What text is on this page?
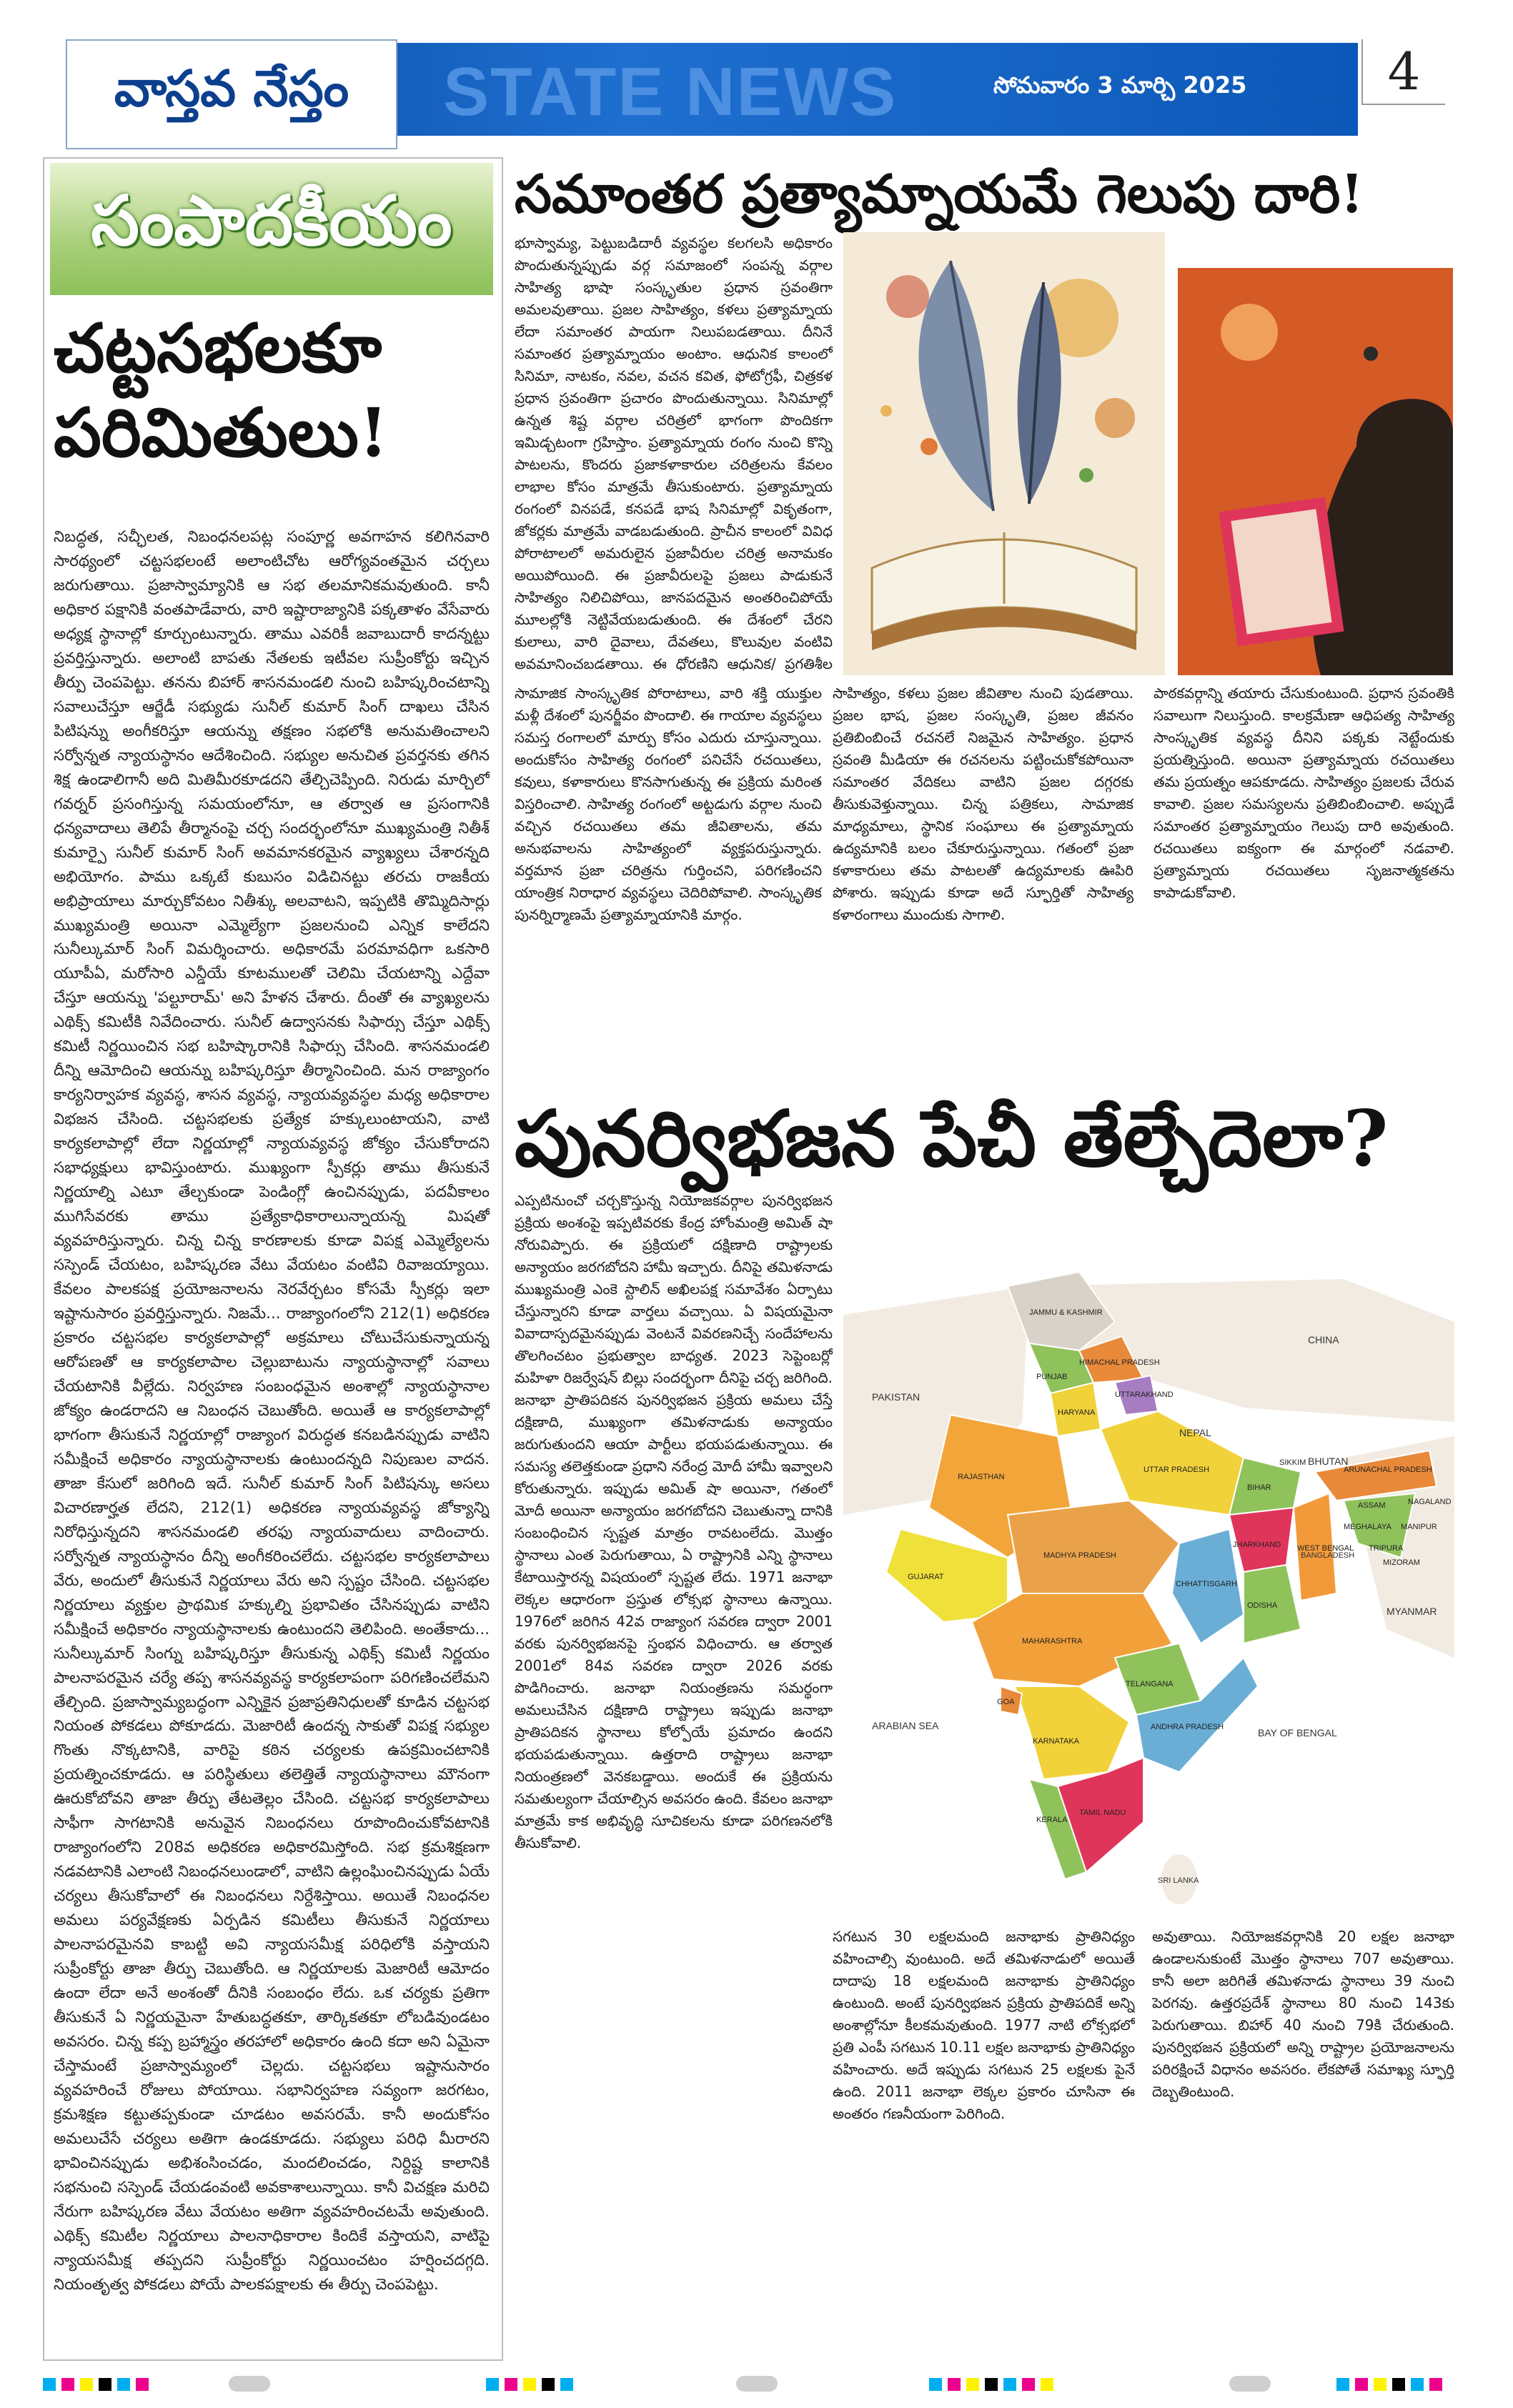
వాస్తవ నేస్తం STATE NEWS	సోమవారం 3 మార్చి 2025	4
సంపాదకీయం
చట్టసభలకూ
పరిమితులు!
నిబద్ధత, సచ్ఛీలత, నిబంధనలపట్ల సంపూర్ణ అవగాహన కలిగినవారి సారథ్యంలో చట్టసభలంటే అలాంటిచోట ఆరోగ్యవంతమైన చర్చలు జరుగుతాయి. ప్రజాస్వామ్యానికి ఆ సభ తలమానికమవుతుంది. కానీ అధికార పక్షానికి వంతపాడేవారు, వారి ఇష్టారాజ్యానికి పక్కతాళం వేసేవారు అధ్యక్ష స్థానాల్లో కూర్చుంటున్నారు. తాము ఎవరికీ జవాబుదారీ కాదన్నట్టు ప్రవర్తిస్తున్నారు. అలాంటి బాపతు నేతలకు ఇటీవల సుప్రీంకోర్టు ఇచ్చిన తీర్పు చెంపపెట్టు. తనను బిహార్ శాసనమండలి నుంచి బహిష్కరించటాన్ని సవాలుచేస్తూ ఆర్జేడీ సభ్యుడు సునీల్ కుమార్ సింగ్ దాఖలు చేసిన పిటిషన్ను అంగీకరిస్తూ ఆయన్ను తక్షణం సభలోకి అనుమతించాలని సర్వోన్నత న్యాయస్థానం ఆదేశించింది. సభ్యుల అనుచిత ప్రవర్తనకు తగిన శిక్ష ఉండాలిగానీ అది మితిమీరకూడదని తేల్చిచెప్పింది. నిరుడు మార్చిలో గవర్నర్ ప్రసంగిస్తున్న సమయంలోనూ, ఆ తర్వాత ఆ ప్రసంగానికి ధన్యవాదాలు తెలిపే తీర్మానంపై చర్చ సందర్భంలోనూ ముఖ్యమంత్రి నితీశ్ కుమార్పై సునీల్ కుమార్ సింగ్ అవమానకరమైన వ్యాఖ్యలు చేశారన్నది అభియోగం. పాము ఒక్కటే కుబుసం విడిచినట్టు తరచు రాజకీయ అభిప్రాయాలు మార్చుకోవటం నితీశ్కు అలవాటని, ఇప్పటికి తొమ్మిదిసార్లు ముఖ్యమంత్రి అయినా ఎమ్మెల్యేగా ప్రజలనుంచి ఎన్నిక కాలేదని సునీల్కుమార్ సింగ్ విమర్శించారు. అధికారమే పరమావధిగా ఒకసారి యూపీఏ, మరోసారి ఎన్డీయే కూటములతో చెలిమి చేయటాన్ని ఎద్దేవా చేస్తూ ఆయన్ను 'పల్టూరామ్' అని హేళన చేశారు. దీంతో ఈ వ్యాఖ్యలను ఎథిక్స్ కమిటీకి నివేదించారు. సునీల్ ఉద్వాసనకు సిఫార్సు చేస్తూ ఎథిక్స్ కమిటీ నిర్ణయించిన సభ బహిష్కారానికి సిఫార్సు చేసింది. శాసనమండలి దీన్ని ఆమోదించి ఆయన్ను బహిష్కరిస్తూ తీర్మానించింది. మన రాజ్యాంగం కార్యనిర్వాహక వ్యవస్థ, శాసన వ్యవస్థ, న్యాయవ్యవస్థల మధ్య అధికారాల విభజన చేసింది. చట్టసభలకు ప్రత్యేక హక్కులుంటాయని, వాటి కార్యకలాపాల్లో లేదా నిర్ణయాల్లో న్యాయవ్యవస్థ జోక్యం చేసుకోరాదని సభాధ్యక్షులు భావిస్తుంటారు. ముఖ్యంగా స్పీకర్లు తాము తీసుకునే నిర్ణయాల్ని ఎటూ తేల్చకుండా పెండింగ్లో ఉంచినప్పుడు, పదవీకాలం ముగిసేవరకు తాము ప్రత్యేకాధికారాలున్నాయన్న మిషతో వ్యవహరిస్తున్నారు. చిన్న చిన్న కారణాలకు కూడా విపక్ష ఎమ్మెల్యేలను సస్పెండ్ చేయటం, బహిష్కరణ వేటు వేయటం వంటివి రివాజయ్యాయి. కేవలం పాలకపక్ష ప్రయోజనాలను నెరవేర్చటం కోసమే స్పీకర్లు ఇలా ఇష్టానుసారం ప్రవర్తిస్తున్నారు. నిజమే... రాజ్యాంగంలోని 212(1) అధికరణ ప్రకారం చట్టసభల కార్యకలాపాల్లో అక్రమాలు చోటుచేసుకున్నాయన్న ఆరోపణతో ఆ కార్యకలాపాల చెల్లుబాటును న్యాయస్థానాల్లో సవాలు చేయటానికి వీల్లేదు. నిర్వహణ సంబంధమైన అంశాల్లో న్యాయస్థానాల జోక్యం ఉండరాదని ఆ నిబంధన చెబుతోంది. అయితే ఆ కార్యకలాపాల్లో భాగంగా తీసుకునే నిర్ణయాల్లో రాజ్యాంగ విరుద్ధత కనబడినప్పుడు వాటిని సమీక్షించే అధికారం న్యాయస్థానాలకు ఉంటుందన్నది నిపుణుల వాదన. తాజా కేసులో జరిగింది ఇదే. సునీల్ కుమార్ సింగ్ పిటిషన్కు అసలు విచారణార్హత లేదని, 212(1) అధికరణ న్యాయవ్యవస్థ జోక్యాన్ని నిరోధిస్తున్నదని శాసనమండలి తరఫు న్యాయవాదులు వాదించారు. సర్వోన్నత న్యాయస్థానం దీన్ని అంగీకరించలేదు. చట్టసభల కార్యకలాపాలు వేరు, అందులో తీసుకునే నిర్ణయాలు వేరు అని స్పష్టం చేసింది. చట్టసభల నిర్ణయాలు వ్యక్తుల ప్రాథమిక హక్కుల్ని ప్రభావితం చేసినప్పుడు వాటిని సమీక్షించే అధికారం న్యాయస్థానాలకు ఉంటుందని తెలిపింది. అంతేకాదు... సునీల్కుమార్ సింగ్ను బహిష్కరిస్తూ తీసుకున్న ఎథిక్స్ కమిటీ నిర్ణయం పాలనాపరమైన చర్యే తప్ప శాసనవ్యవస్థ కార్యకలాపంగా పరిగణించలేమని తేల్చింది. ప్రజాస్వామ్యబద్ధంగా ఎన్నికైన ప్రజాప్రతినిధులతో కూడిన చట్టసభ నియంత పోకడలు పోకూడదు. మెజారిటీ ఉందన్న సాకుతో విపక్ష సభ్యుల గొంతు నొక్కటానికి, వారిపై కఠిన చర్యలకు ఉపక్రమించటానికి ప్రయత్నించకూడదు. ఆ పరిస్థితులు తలెత్తితే న్యాయస్థానాలు మౌనంగా ఊరుకోబోవని తాజా తీర్పు తేటతెల్లం చేసింది. చట్టసభ కార్యకలాపాలు సాఫీగా సాగటానికి అనువైన నిబంధనలు రూపొందించుకోవటానికి రాజ్యాంగంలోని 208వ అధికరణ అధికారమిస్తోంది. సభ క్రమశిక్షణగా నడవటానికి ఎలాంటి నిబంధనలుండాలో, వాటిని ఉల్లంఘించినప్పుడు ఏయే చర్యలు తీసుకోవాలో ఈ నిబంధనలు నిర్దేశిస్తాయి. అయితే నిబంధనల అమలు పర్యవేక్షణకు ఏర్పడిన కమిటీలు తీసుకునే నిర్ణయాలు పాలనాపరమైనవి కాబట్టి అవి న్యాయసమీక్ష పరిధిలోకి వస్తాయని సుప్రీంకోర్టు తాజా తీర్పు చెబుతోంది. ఆ నిర్ణయాలకు మెజారిటీ ఆమోదం ఉందా లేదా అనే అంశంతో దీనికి సంబంధం లేదు. ఒక చర్యకు ప్రతిగా తీసుకునే ఏ నిర్ణయమైనా హేతుబద్ధతకూ, తార్కికతకూ లోబడివుండటం అవసరం. చిన్న కప్ప బ్రహ్మాస్త్రం తరహాలో అధికారం ఉంది కదా అని ఏమైనా చేస్తామంటే ప్రజాస్వామ్యంలో చెల్లదు. చట్టసభలు ఇష్టానుసారం వ్యవహరించే రోజులు పోయాయి. సభానిర్వహణ సవ్యంగా జరగటం, క్రమశిక్షణ కట్టుతప్పకుండా చూడటం అవసరమే. కానీ అందుకోసం అమలుచేసే చర్యలు అతిగా ఉండకూడదు. సభ్యులు పరిధి మీరారని భావించినప్పుడు అభిశంసించడం, మందలించడం, నిర్దిష్ట కాలానికి సభనుంచి సస్పెండ్ చేయడంవంటి అవకాశాలున్నాయి. కానీ విచక్షణ మరిచి నేరుగా బహిష్కరణ వేటు వేయటం అతిగా వ్యవహరించటమే అవుతుంది. ఎథిక్స్ కమిటీల నిర్ణయాలు పాలనాధికారాల కిందికే వస్తాయని, వాటిపై న్యాయసమీక్ష తప్పదని సుప్రీంకోర్టు నిర్ణయించటం హర్షించదగ్గది. నియంతృత్వ పోకడలు పోయే పాలకపక్షాలకు ఈ తీర్పు చెంపపెట్టు.
సమాంతర ప్రత్యామ్నాయమే గెలుపు దారి!
భూస్వామ్య, పెట్టుబడిదారీ వ్యవస్థల కలగలసి అధికారం పొందుతున్నప్పుడు వర్గ సమాజంలో సంపన్న వర్గాల సాహిత్య భాషా సంస్కృతుల ప్రధాన స్రవంతిగా అమలవుతాయి. ప్రజల సాహిత్యం, కళలు ప్రత్యామ్నాయ లేదా సమాంతర పాయగా నిలుపబడతాయి. దీనినే సమాంతర ప్రత్యామ్నాయం అంటాం. ఆధునిక కాలంలో సినిమా, నాటకం, నవల, వచన కవిత, ఫోటోగ్రఫీ, చిత్రకళ ప్రధాన స్రవంతిగా ప్రచారం పొందుతున్నాయి. సినిమాల్లో ఉన్నత శిష్ట వర్గాల చరిత్రలో భాగంగా పొందికగా ఇమిడ్చటంగా గ్రహిస్తాం. ప్రత్యామ్నాయ రంగం నుంచి కొన్ని పాటలను, కొందరు ప్రజాకళాకారుల చరిత్రలను కేవలం లాభాల కోసం మాత్రమే తీసుకుంటారు. ప్రత్యామ్నాయ రంగంలో వినపడే, కనపడే భాష సినిమాల్లో వికృతంగా, జోకర్లకు మాత్రమే వాడబడుతుంది. ప్రాచీన కాలంలో వివిధ పోరాటాలలో అమరులైన ప్రజావీరుల చరిత్ర అనామకం అయిపోయింది. ఈ ప్రజావీరులపై ప్రజలు పాడుకునే సాహిత్యం నిలిచిపోయి, జానపదమైన అంతరించిపోయే మూలల్లోకి నెట్టివేయబడుతుంది. ఈ దేశంలో చేరని కులాలు, వారి దైవాలు, దేవతలు, కొలువుల వంటివి అవమానించబడతాయి. ఈ ధోరణిని ఆధునిక/ ప్రగతిశీల
సామాజిక సాంస్కృతిక పోరాటాలు, వారి శక్తి యుక్తుల మళ్లీ దేశంలో పునర్జీవం పొందాలి. ఈ గాయాల వ్యవస్థలు సమస్త రంగాలలో మార్పు కోసం ఎదురు చూస్తున్నాయి. అందుకోసం సాహిత్య రంగంలో పనిచేసే రచయితలు, కవులు, కళాకారులు కొనసాగుతున్న ఈ ప్రక్రియ మరింత విస్తరించాలి. సాహిత్య రంగంలో అట్టడుగు వర్గాల నుంచి వచ్చిన రచయితలు తమ జీవితాలను, తమ అనుభవాలను సాహిత్యంలో వ్యక్తపరుస్తున్నారు. వర్తమాన ప్రజా చరిత్రను గుర్తించని, పరిగణించని యాంత్రిక నిరాధార వ్యవస్థలు చెదిరిపోవాలి. సాంస్కృతిక పునర్నిర్మాణమే ప్రత్యామ్నాయానికి మార్గం.
సాహిత్యం, కళలు ప్రజల జీవితాల నుంచి పుడతాయి. ప్రజల భాష, ప్రజల సంస్కృతి, ప్రజల జీవనం ప్రతిబింబించే రచనలే నిజమైన సాహిత్యం. ప్రధాన స్రవంతి మీడియా ఈ రచనలను పట్టించుకోకపోయినా సమాంతర వేదికలు వాటిని ప్రజల దగ్గరకు తీసుకువెళ్తున్నాయి. చిన్న పత్రికలు, సామాజిక మాధ్యమాలు, స్థానిక సంఘాలు ఈ ప్రత్యామ్నాయ ఉద్యమానికి బలం చేకూరుస్తున్నాయి. గతంలో ప్రజా కళాకారులు తమ పాటలతో ఉద్యమాలకు ఊపిరి పోశారు. ఇప్పుడు కూడా అదే స్ఫూర్తితో సాహిత్య కళారంగాలు ముందుకు సాగాలి.
పాఠకవర్గాన్ని తయారు చేసుకుంటుంది. ప్రధాన స్రవంతికి సవాలుగా నిలుస్తుంది. కాలక్రమేణా ఆధిపత్య సాహిత్య సాంస్కృతిక వ్యవస్థ దీనిని పక్కకు నెట్టేందుకు ప్రయత్నిస్తుంది. అయినా ప్రత్యామ్నాయ రచయితలు తమ ప్రయత్నం ఆపకూడదు. సాహిత్యం ప్రజలకు చేరువ కావాలి. ప్రజల సమస్యలను ప్రతిబింబించాలి. అప్పుడే సమాంతర ప్రత్యామ్నాయం గెలుపు దారి అవుతుంది. రచయితలు ఐక్యంగా ఈ మార్గంలో నడవాలి. ప్రత్యామ్నాయ రచయితలు సృజనాత్మకతను కాపాడుకోవాలి.
పునర్విభజన పేచీ తేల్చేదెలా?
ఎప్పటినుంచో చర్చకొస్తున్న నియోజకవర్గాల పునర్విభజన ప్రక్రియ అంశంపై ఇప్పటివరకు కేంద్ర హోంమంత్రి అమిత్ షా నోరువిప్పారు. ఈ ప్రక్రియలో దక్షిణాది రాష్ట్రాలకు అన్యాయం జరగబోదని హామీ ఇచ్చారు. దీనిపై తమిళనాడు ముఖ్యమంత్రి ఎంకె స్టాలిన్ అఖిలపక్ష సమావేశం ఏర్పాటు చేస్తున్నారని కూడా వార్తలు వచ్చాయి. ఏ విషయమైనా వివాదాస్పదమైనప్పుడు వెంటనే వివరణనిచ్చే సందేహాలను తొలగించటం ప్రభుత్వాల బాధ్యత. 2023 సెప్టెంబర్లో మహిళా రిజర్వేషన్ బిల్లు సందర్భంగా దీనిపై చర్చ జరిగింది. జనాభా ప్రాతిపదికన పునర్విభజన ప్రక్రియ అమలు చేస్తే దక్షిణాది, ముఖ్యంగా తమిళనాడుకు అన్యాయం జరుగుతుందని ఆయా పార్టీలు భయపడుతున్నాయి. ఈ సమస్య తలెత్తకుండా ప్రధాని నరేంద్ర మోదీ హామీ ఇవ్వాలని కోరుతున్నారు. ఇప్పుడు అమిత్ షా అయినా, గతంలో మోదీ అయినా అన్యాయం జరగబోదని చెబుతున్నా దానికి సంబంధించిన స్పష్టత మాత్రం రావటంలేదు. మొత్తం స్థానాలు ఎంత పెరుగుతాయి, ఏ రాష్ట్రానికి ఎన్ని స్థానాలు కేటాయిస్తారన్న విషయంలో స్పష్టత లేదు. 1971 జనాభా లెక్కల ఆధారంగా ప్రస్తుత లోక్సభ స్థానాలు ఉన్నాయి. 1976లో జరిగిన 42వ రాజ్యాంగ సవరణ ద్వారా 2001 వరకు పునర్విభజనపై స్తంభన విధించారు. ఆ తర్వాత 2001లో 84వ సవరణ ద్వారా 2026 వరకు పొడిగించారు. జనాభా నియంత్రణను సమర్థంగా అమలుచేసిన దక్షిణాది రాష్ట్రాలు ఇప్పుడు జనాభా ప్రాతిపదికన స్థానాలు కోల్పోయే ప్రమాదం ఉందని భయపడుతున్నాయి. ఉత్తరాది రాష్ట్రాలు జనాభా నియంత్రణలో వెనకబడ్డాయి. అందుకే ఈ ప్రక్రియను సమతుల్యంగా చేయాల్సిన అవసరం ఉంది. కేవలం జనాభా మాత్రమే కాక అభివృద్ధి సూచికలను కూడా పరిగణనలోకి తీసుకోవాలి.
PAKISTAN
CHINA
NEPAL
BHUTAN
BANGLADESH
MYANMAR
SRI LANKA
ARABIAN SEA
BAY OF BENGAL
JAMMU & KASHMIR
HIMACHAL PRADESH
PUNJAB
HARYANA
UTTARAKHAND
RAJASTHAN
UTTAR PRADESH
BIHAR
GUJARAT
MADHYA PRADESH
JHARKHAND WEST BENGAL
CHHATTISGARH
ODISHA
MAHARASHTRA
TELANGANA
ANDHRA PRADESH
KARNATAKA
GOA
KERALA
TAMIL NADU
SIKKIM
ASSAM
ARUNACHAL PRADESH
NAGALAND
MANIPUR
MEGHALAYA
TRIPURA
MIZORAM
సగటున 30 లక్షలమంది జనాభాకు ప్రాతినిధ్యం వహించాల్సి వుంటుంది. అదే తమిళనాడులో అయితే దాదాపు 18 లక్షలమంది జనాభాకు ప్రాతినిధ్యం ఉంటుంది. అంటే పునర్విభజన ప్రక్రియ ప్రాతిపదికే అన్ని అంశాల్లోనూ కీలకమవుతుంది. 1977 నాటి లోక్సభలో ప్రతి ఎంపీ సగటున 10.11 లక్షల జనాభాకు ప్రాతినిధ్యం వహించారు. అదే ఇప్పుడు సగటున 25 లక్షలకు పైనే ఉంది. 2011 జనాభా లెక్కల ప్రకారం చూసినా ఈ అంతరం గణనీయంగా పెరిగింది.
అవుతాయి. నియోజకవర్గానికి 20 లక్షల జనాభా ఉండాలనుకుంటే మొత్తం స్థానాలు 707 అవుతాయి. కానీ అలా జరిగితే తమిళనాడు స్థానాలు 39 నుంచి పెరగవు. ఉత్తరప్రదేశ్ స్థానాలు 80 నుంచి 143కు పెరుగుతాయి. బిహార్ 40 నుంచి 79కి చేరుతుంది. పునర్విభజన ప్రక్రియలో అన్ని రాష్ట్రాల ప్రయోజనాలను పరిరక్షించే విధానం అవసరం. లేకపోతే సమాఖ్య స్ఫూర్తి దెబ్బతింటుంది.
